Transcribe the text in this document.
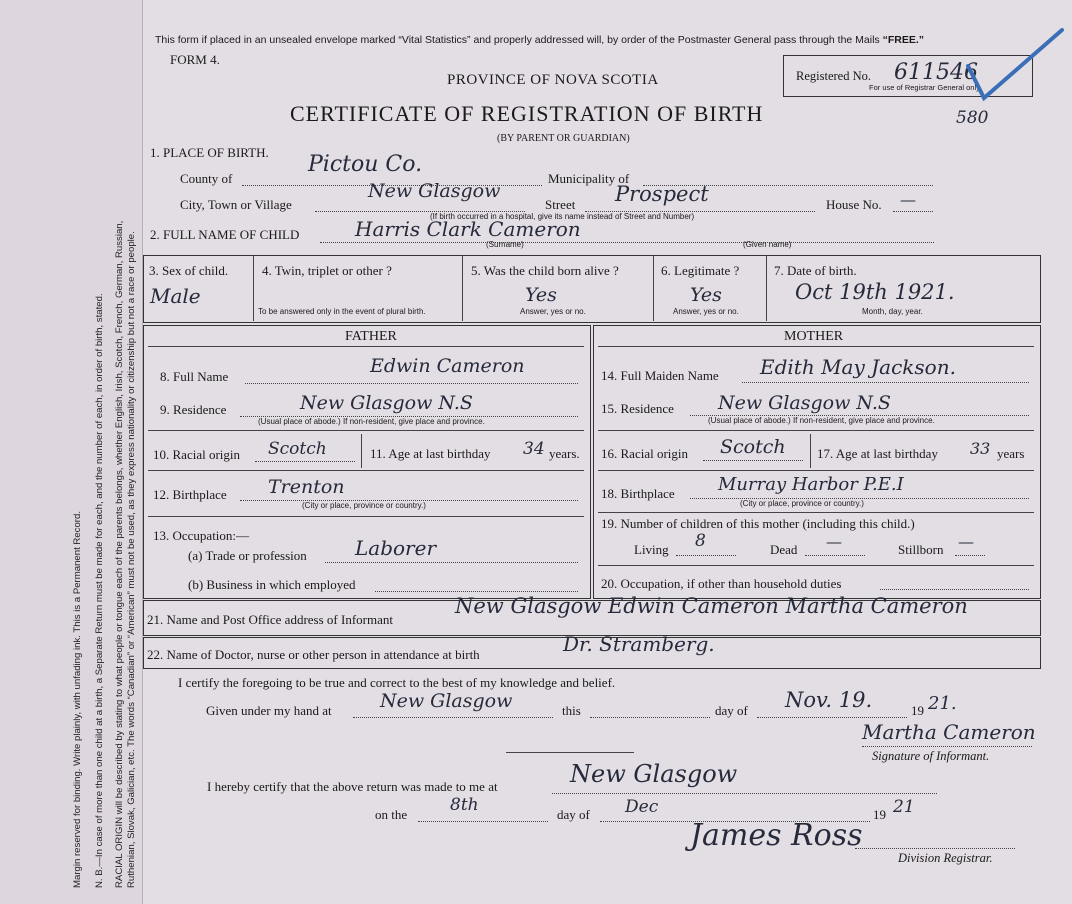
Margin reserved for binding. Write plainly, with unfading ink. This is a Permanent Record. N. B.—In case of more than one child at a birth, a Separate Return must be made for each, and the number of each, in order of birth, stated. RACIAL ORIGIN will be described by stating to what people or tongue each of the parents belongs, whether English, Irish, Scotch, French, German, Russian, Ruthenian, Slovak, Galician, etc. The words “Canadian” or “American” must not be used, as they express nationality or citizenship but not a race or people.
This form if placed in an unsealed envelope marked “Vital Statistics” and properly addressed will, by order of the Postmaster General pass through the Mails “FREE.”
FORM 4.
PROVINCE OF NOVA SCOTIA
CERTIFICATE OF REGISTRATION OF BIRTH
(BY PARENT OR GUARDIAN)
Registered No. 611546
For use of Registrar General only
580
1. PLACE OF BIRTH.
County of
Pictou Co.
Municipality of
City, Town or Village
New Glasgow
Street Prospect	House No. —
(If birth occurred in a hospital, give its name instead of Street and Number)
2. FULL NAME OF CHILD	Harris Clark Cameron
(Surname)	(Given name)
3. Sex of child.
Male
4. Twin, triplet or other ?
To be answered only in the event of plural birth.
5. Was the child born alive ?
Yes
Answer, yes or no.
6. Legitimate ?
Yes
Answer, yes or no.
7. Date of birth.
Oct 19th 1921.
Month, day, year.
FATHER	MOTHER
8. Full Name	Edwin Cameron
9. Residence	New Glasgow N.S
(Usual place of abode.) If non-resident, give place and province.
10. Racial origin Scotch	11. Age at last birthday 34 years.
12. Birthplace Trenton
(City or place, province or country.)
13. Occupation:—
(a) Trade or profession Laborer
(b) Business in which employed
14. Full Maiden Name Edith May Jackson.
15. Residence New Glasgow N.S
(Usual place of abode.) If non-resident, give place and province.
16. Racial origin Scotch 17. Age at last birthday 33 years
18. Birthplace Murray Harbor P.E.I
(City or place, province or country.)
19. Number of children of this mother (including this child.)
Living 8	Dead —	Stillborn —
20. Occupation, if other than household duties
21. Name and Post Office address of Informant
New Glasgow Edwin Cameron Martha Cameron
22. Name of Doctor, nurse or other person in attendance at birth	Dr. Stramberg.
I certify the foregoing to be true and correct to the best of my knowledge and belief.
Given under my hand at	New Glasgow	this	day of Nov. 19.	19 21.
Martha Cameron
Signature of Informant.
I hereby certify that the above return was made to me at	New Glasgow
on the	8th	day of Dec	19 21
James Ross
Division Registrar.
